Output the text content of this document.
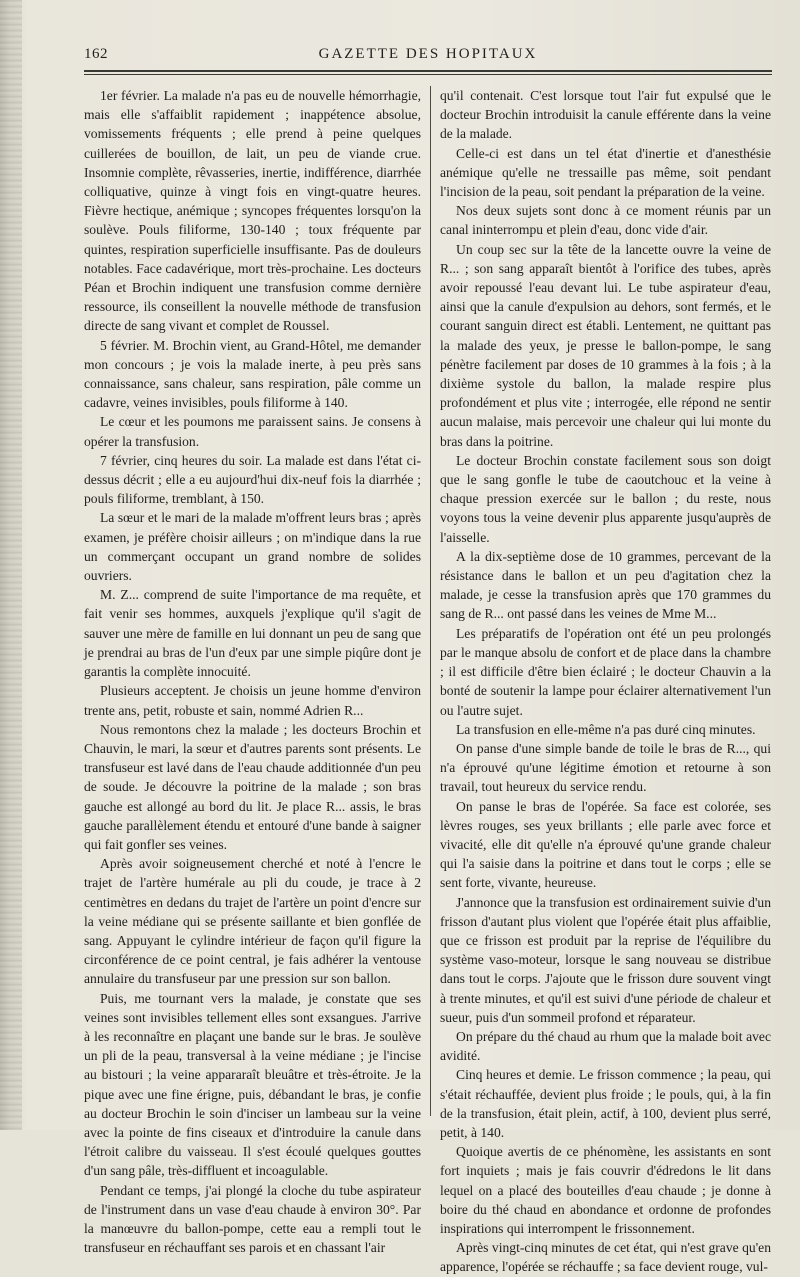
162	GAZETTE DES HOPITAUX

1er février. La malade n'a pas eu de nouvelle hémorrhagie, mais elle s'affaiblit rapidement ; inappétence absolue, vomissements fréquents ; elle prend à peine quelques cuillerées de bouillon, de lait, un peu de viande crue. Insomnie complète, rêvasseries, inertie, indifférence, diarrhée colliquative, quinze à vingt fois en vingt-quatre heures. Fièvre hectique, anémique ; syncopes fréquentes lorsqu'on la soulève. Pouls filiforme, 130-140 ; toux fréquente par quintes, respiration superficielle insuffisante. Pas de douleurs notables. Face cadavérique, mort très-prochaine. Les docteurs Péan et Brochin indiquent une transfusion comme dernière ressource, ils conseillent la nouvelle méthode de transfusion directe de sang vivant et complet de Roussel.

5 février. M. Brochin vient, au Grand-Hôtel, me demander mon concours ; je vois la malade inerte, à peu près sans connaissance, sans chaleur, sans respiration, pâle comme un cadavre, veines invisibles, pouls filiforme à 140.

Le cœur et les poumons me paraissent sains. Je consens à opérer la transfusion.

7 février, cinq heures du soir. La malade est dans l'état ci-dessus décrit ; elle a eu aujourd'hui dix-neuf fois la diarrhée ; pouls filiforme, tremblant, à 150.

La sœur et le mari de la malade m'offrent leurs bras ; après examen, je préfère choisir ailleurs ; on m'indique dans la rue un commerçant occupant un grand nombre de solides ouvriers.

M. Z... comprend de suite l'importance de ma requête, et fait venir ses hommes, auxquels j'explique qu'il s'agit de sauver une mère de famille en lui donnant un peu de sang que je prendrai au bras de l'un d'eux par une simple piqûre dont je garantis la complète innocuité.

Plusieurs acceptent. Je choisis un jeune homme d'environ trente ans, petit, robuste et sain, nommé Adrien R...

Nous remontons chez la malade ; les docteurs Brochin et Chauvin, le mari, la sœur et d'autres parents sont présents. Le transfuseur est lavé dans de l'eau chaude additionnée d'un peu de soude. Je découvre la poitrine de la malade ; son bras gauche est allongé au bord du lit. Je place R... assis, le bras gauche parallèlement étendu et entouré d'une bande à saigner qui fait gonfler ses veines.

Après avoir soigneusement cherché et noté à l'encre le trajet de l'artère humérale au pli du coude, je trace à 2 centimètres en dedans du trajet de l'artère un point d'encre sur la veine médiane qui se présente saillante et bien gonflée de sang. Appuyant le cylindre intérieur de façon qu'il figure la circonférence de ce point central, je fais adhérer la ventouse annulaire du transfuseur par une pression sur son ballon.

Puis, me tournant vers la malade, je constate que ses veines sont invisibles tellement elles sont exsangues. J'arrive à les reconnaître en plaçant une bande sur le bras. Je soulève un pli de la peau, transversal à la veine médiane ; je l'incise au bistouri ; la veine appararaît bleuâtre et très-étroite. Je la pique avec une fine érigne, puis, débandant le bras, je confie au docteur Brochin le soin d'inciser un lambeau sur la veine avec la pointe de fins ciseaux et d'introduire la canule dans l'étroit calibre du vaisseau. Il s'est écoulé quelques gouttes d'un sang pâle, très-diffluent et incoagulable.

Pendant ce temps, j'ai plongé la cloche du tube aspirateur de l'instrument dans un vase d'eau chaude à environ 30°. Par la manœuvre du ballon-pompe, cette eau a rempli tout le transfuseur en réchauffant ses parois et en chassant l'air

qu'il contenait. C'est lorsque tout l'air fut expulsé que le docteur Brochin introduisit la canule efférente dans la veine de la malade.

Celle-ci est dans un tel état d'inertie et d'anesthésie anémique qu'elle ne tressaille pas même, soit pendant l'incision de la peau, soit pendant la préparation de la veine.

Nos deux sujets sont donc à ce moment réunis par un canal ininterrompu et plein d'eau, donc vide d'air.

Un coup sec sur la tête de la lancette ouvre la veine de R... ; son sang apparaît bientôt à l'orifice des tubes, après avoir repoussé l'eau devant lui. Le tube aspirateur d'eau, ainsi que la canule d'expulsion au dehors, sont fermés, et le courant sanguin direct est établi. Lentement, ne quittant pas la malade des yeux, je presse le ballon-pompe, le sang pénètre facilement par doses de 10 grammes à la fois ; à la dixième systole du ballon, la malade respire plus profondément et plus vite ; interrogée, elle répond ne sentir aucun malaise, mais percevoir une chaleur qui lui monte du bras dans la poitrine.

Le docteur Brochin constate facilement sous son doigt que le sang gonfle le tube de caoutchouc et la veine à chaque pression exercée sur le ballon ; du reste, nous voyons tous la veine devenir plus apparente jusqu'auprès de l'aisselle.

A la dix-septième dose de 10 grammes, percevant de la résistance dans le ballon et un peu d'agitation chez la malade, je cesse la transfusion après que 170 grammes du sang de R... ont passé dans les veines de Mme M...

Les préparatifs de l'opération ont été un peu prolongés par le manque absolu de confort et de place dans la chambre ; il est difficile d'être bien éclairé ; le docteur Chauvin a la bonté de soutenir la lampe pour éclairer alternativement l'un ou l'autre sujet.

La transfusion en elle-même n'a pas duré cinq minutes.

On panse d'une simple bande de toile le bras de R..., qui n'a éprouvé qu'une légitime émotion et retourne à son travail, tout heureux du service rendu.

On panse le bras de l'opérée. Sa face est colorée, ses lèvres rouges, ses yeux brillants ; elle parle avec force et vivacité, elle dit qu'elle n'a éprouvé qu'une grande chaleur qui l'a saisie dans la poitrine et dans tout le corps ; elle se sent forte, vivante, heureuse.

J'annonce que la transfusion est ordinairement suivie d'un frisson d'autant plus violent que l'opérée était plus affaiblie, que ce frisson est produit par la reprise de l'équilibre du système vaso-moteur, lorsque le sang nouveau se distribue dans tout le corps. J'ajoute que le frisson dure souvent vingt à trente minutes, et qu'il est suivi d'une période de chaleur et sueur, puis d'un sommeil profond et réparateur.

On prépare du thé chaud au rhum que la malade boit avec avidité.

Cinq heures et demie. Le frisson commence ; la peau, qui s'était réchauffée, devient plus froide ; le pouls, qui, à la fin de la transfusion, était plein, actif, à 100, devient plus serré, petit, à 140.

Quoique avertis de ce phénomène, les assistants en sont fort inquiets ; mais je fais couvrir d'édredons le lit dans lequel on a placé des bouteilles d'eau chaude ; je donne à boire du thé chaud en abondance et ordonne de profondes inspirations qui interrompent le frissonnement.

Après vingt-cinq minutes de cet état, qui n'est grave qu'en apparence, l'opérée se réchauffe ; sa face devient rouge, vul-
